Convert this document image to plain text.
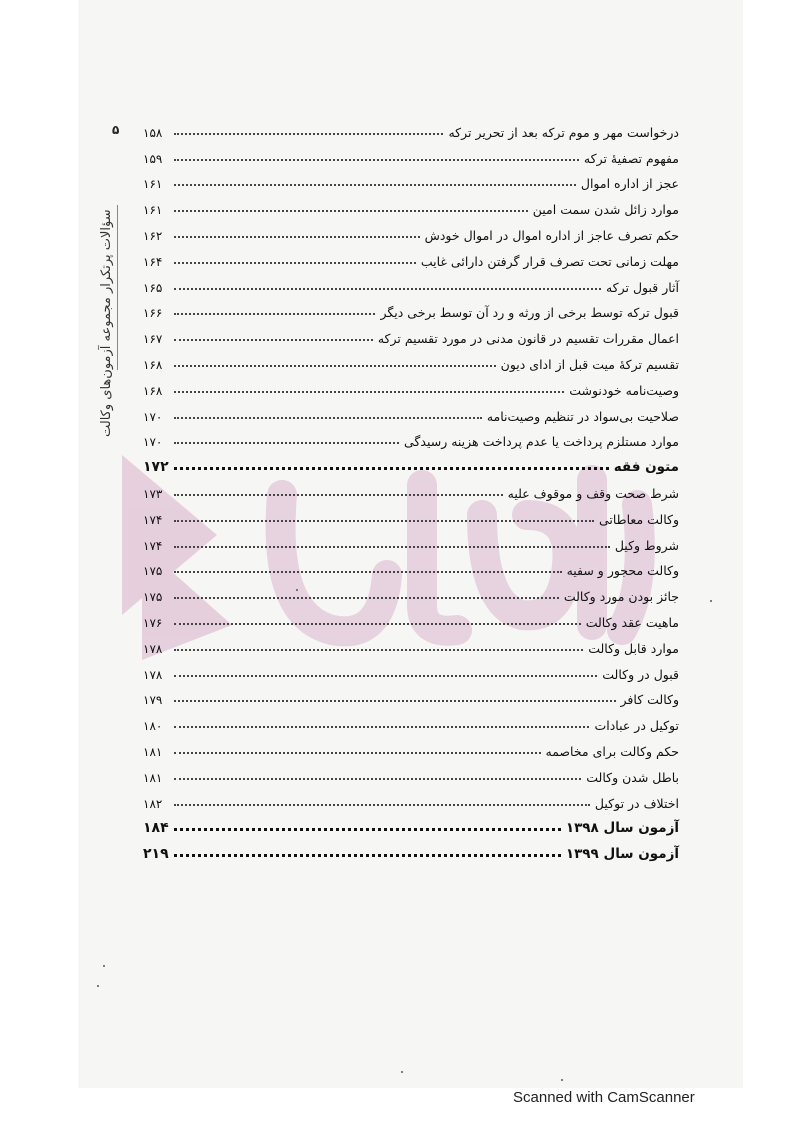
سؤالات پرتکرار مجموعه آزمون‌های وکالت
۵	درخواست مهر و موم ترکه بعد از تحریر ترکه
۱۵۸
مفهوم تصفیهٔ ترکه
۱۵۹
عجز از اداره اموال
۱۶۱
موارد زائل شدن سمت امین
۱۶۱
حکم تصرف عاجز از اداره اموال در اموال خودش
۱۶۲
مهلت زمانی تحت تصرف قرار گرفتن دارائی غایب
۱۶۴
آثار قبول ترکه
۱۶۵
قبول ترکه توسط برخی از ورثه و رد آن توسط برخی دیگر
۱۶۶
اعمال مقررات تقسیم در قانون مدنی در مورد تقسیم ترکه
۱۶۷
تقسیم ترکهٔ میت قبل از ادای دیون
۱۶۸
وصیت‌نامه خودنوشت
۱۶۸
صلاحیت بی‌سواد در تنظیم وصیت‌نامه
۱۷۰
موارد مستلزم پرداخت یا عدم پرداخت هزینه رسیدگی
۱۷۰
متون فقه
۱۷۲
شرط صحت وقف و موقوف علیه
۱۷۳
وکالت معاطاتی
۱۷۴
شروط وکیل
۱۷۴
وکالت محجور و سفیه
۱۷۵
جائز بودن مورد وکالت
۱۷۵
ماهیت عقد وکالت
۱۷۶
موارد قابل وکالت
۱۷۸
قبول در وکالت
۱۷۸
وکالت کافر
۱۷۹
توکیل در عبادات
۱۸۰
حکم وکالت برای مخاصمه
۱۸۱
باطل شدن وکالت
۱۸۱
اختلاف در توکیل
۱۸۲
آزمون سال ۱۳۹۸
۱۸۴
آزمون سال ۱۳۹۹
۲۱۹
Scanned with CamScanner
